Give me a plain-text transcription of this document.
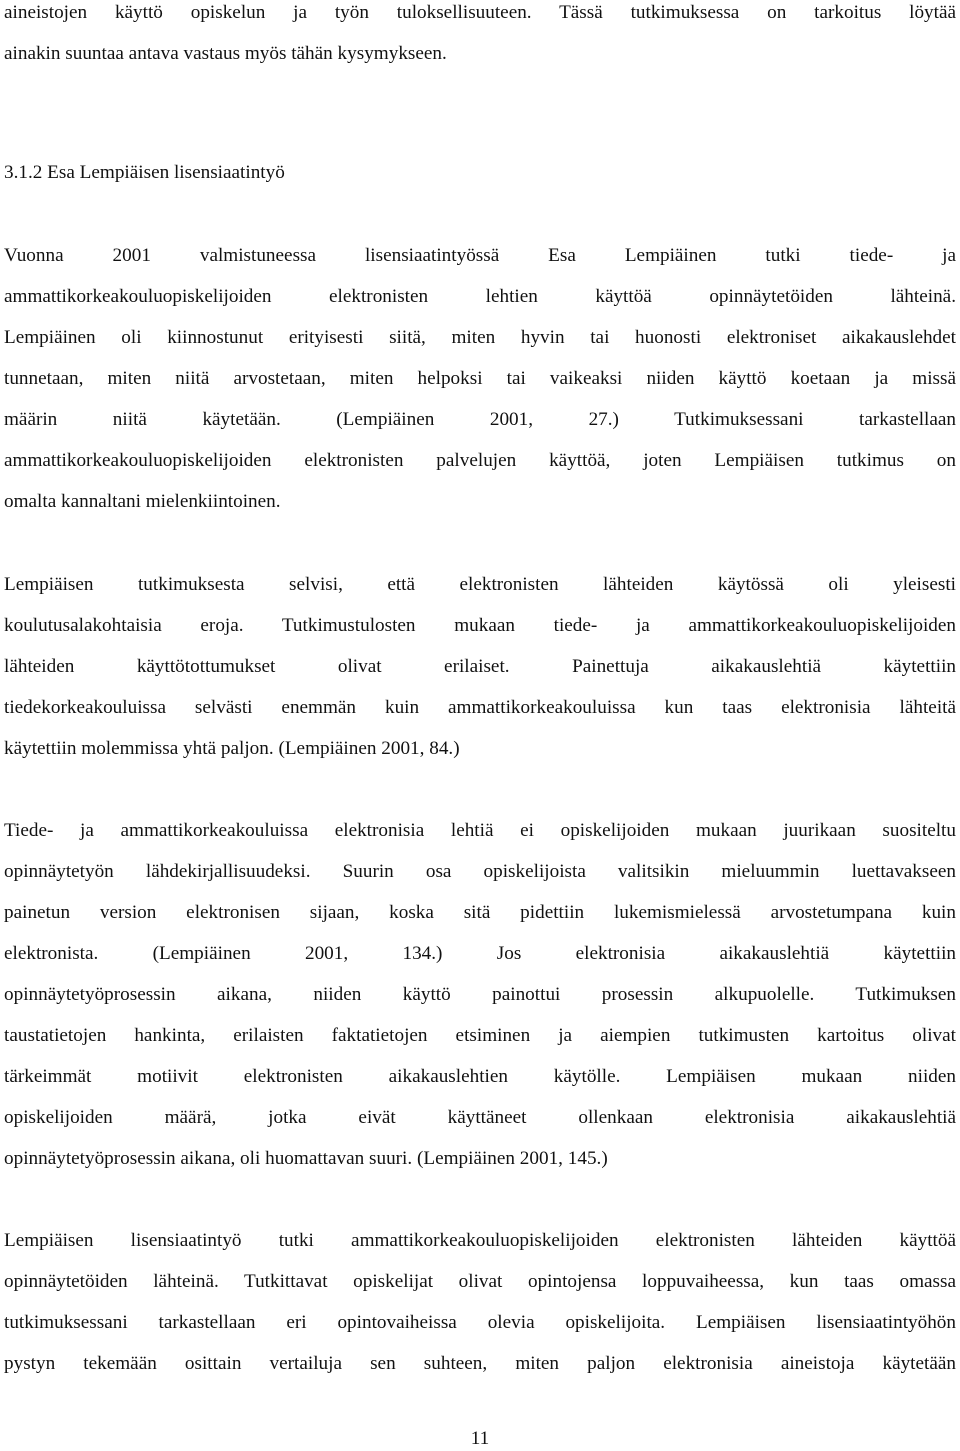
aineistojen käyttö opiskelun ja työn tuloksellisuuteen. Tässä tutkimuksessa on tarkoitus löytää
ainakin suuntaa antava vastaus myös tähän kysymykseen.
3.1.2 Esa Lempiäisen lisensiaatintyö
Vuonna 2001 valmistuneessa lisensiaatintyössä Esa Lempiäinen tutki tiede- ja
ammattikorkeakouluopiskelijoiden elektronisten lehtien käyttöä opinnäytetöiden lähteinä.
Lempiäinen oli kiinnostunut erityisesti siitä, miten hyvin tai huonosti elektroniset aikakauslehdet
tunnetaan, miten niitä arvostetaan, miten helpoksi tai vaikeaksi niiden käyttö koetaan ja missä
määrin niitä käytetään. (Lempiäinen 2001, 27.) Tutkimuksessani tarkastellaan
ammattikorkeakouluopiskelijoiden elektronisten palvelujen käyttöä, joten Lempiäisen tutkimus on
omalta kannaltani mielenkiintoinen.
Lempiäisen tutkimuksesta selvisi, että elektronisten lähteiden käytössä oli yleisesti
koulutusalakohtaisia eroja. Tutkimustulosten mukaan tiede- ja ammattikorkeakouluopiskelijoiden
lähteiden käyttötottumukset olivat erilaiset. Painettuja aikakauslehtiä käytettiin
tiedekorkeakouluissa selvästi enemmän kuin ammattikorkeakouluissa kun taas elektronisia lähteitä
käytettiin molemmissa yhtä paljon. (Lempiäinen 2001, 84.)
Tiede- ja ammattikorkeakouluissa elektronisia lehtiä ei opiskelijoiden mukaan juurikaan suositeltu
opinnäytetyön lähdekirjallisuudeksi. Suurin osa opiskelijoista valitsikin mieluummin luettavakseen
painetun version elektronisen sijaan, koska sitä pidettiin lukemismielessä arvostetumpana kuin
elektronista. (Lempiäinen 2001, 134.) Jos elektronisia aikakauslehtiä käytettiin
opinnäytetyöprosessin aikana, niiden käyttö painottui prosessin alkupuolelle. Tutkimuksen
taustatietojen hankinta, erilaisten faktatietojen etsiminen ja aiempien tutkimusten kartoitus olivat
tärkeimmät motiivit elektronisten aikakauslehtien käytölle. Lempiäisen mukaan niiden
opiskelijoiden määrä, jotka eivät käyttäneet ollenkaan elektronisia aikakauslehtiä
opinnäytetyöprosessin aikana, oli huomattavan suuri. (Lempiäinen 2001, 145.)
Lempiäisen lisensiaatintyö tutki ammattikorkeakouluopiskelijoiden elektronisten lähteiden käyttöä
opinnäytetöiden lähteinä. Tutkittavat opiskelijat olivat opintojensa loppuvaiheessa, kun taas omassa
tutkimuksessani tarkastellaan eri opintovaiheissa olevia opiskelijoita. Lempiäisen lisensiaatintyöhön
pystyn tekemään osittain vertailuja sen suhteen, miten paljon elektronisia aineistoja käytetään
11
